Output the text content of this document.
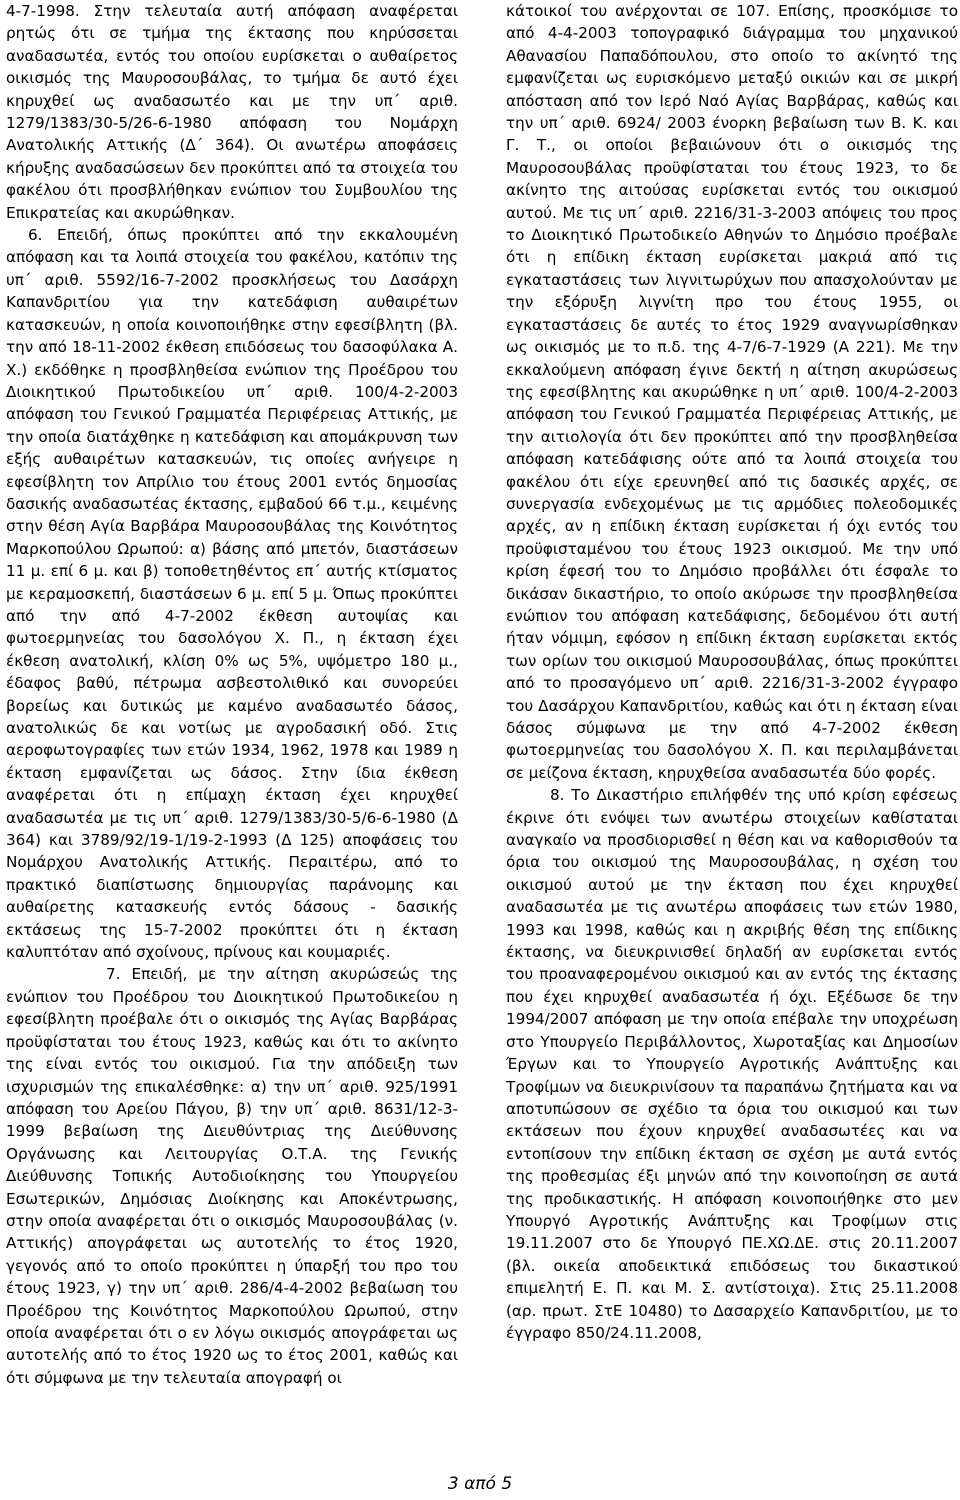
4-7-1998. Στην τελευταία αυτή απόφαση αναφέρεται ρητώς ότι σε τμήμα της έκτασης που κηρύσσεται αναδασωτέα, εντός του οποίου ευρίσκεται ο αυθαίρετος οικισμός της Μαυροσουβάλας, το τμήμα δε αυτό έχει κηρυχθεί ως αναδασωτέο και με την υπ΄ αριθ. 1279/1383/30-5/26-6-1980 απόφαση του Νομάρχη Ανατολικής Αττικής (Δ΄ 364). Οι ανωτέρω αποφάσεις κήρυξης αναδασώσεων δεν προκύπτει από τα στοιχεία του φακέλου ότι προσβλήθηκαν ενώπιον του Συμβουλίου της Επικρατείας και ακυρώθηκαν.

6. Επειδή, όπως προκύπτει από την εκκαλουμένη απόφαση και τα λοιπά στοιχεία του φακέλου, κατόπιν της υπ΄ αριθ. 5592/16-7-2002 προσκλήσεως του Δασάρχη Καπανδριτίου για την κατεδάφιση αυθαιρέτων κατασκευών, η οποία κοινοποιήθηκε στην εφεσίβλητη (βλ. την από 18-11-2002 έκθεση επιδόσεως του δασοφύλακα Α. Χ.) εκδόθηκε η προσβληθείσα ενώπιον της Προέδρου του Διοικητικού Πρωτοδικείου υπ΄ αριθ. 100/4-2-2003 απόφαση του Γενικού Γραμματέα Περιφέρειας Αττικής, με την οποία διατάχθηκε η κατεδάφιση και απομάκρυνση των εξής αυθαιρέτων κατασκευών, τις οποίες ανήγειρε η εφεσίβλητη τον Απρίλιο του έτους 2001 εντός δημοσίας δασικής αναδασωτέας έκτασης, εμβαδού 66 τ.μ., κειμένης στην θέση Αγία Βαρβάρα Μαυροσουβάλας της Κοινότητος Μαρκοπούλου Ωρωπού: α) βάσης από μπετόν, διαστάσεων 11 μ. επί 6 μ. και β) τοποθετηθέντος επ΄ αυτής κτίσματος με κεραμοσκεπή, διαστάσεων 6 μ. επί 5 μ. Όπως προκύπτει από την από 4-7-2002 έκθεση αυτοψίας και φωτοερμηνείας του δασολόγου Χ. Π., η έκταση έχει έκθεση ανατολική, κλίση 0% ως 5%, υψόμετρο 180 μ., έδαφος βαθύ, πέτρωμα ασβεστολιθικό και συνορεύει βορείως και δυτικώς με καμένο αναδασωτέο δάσος, ανατολικώς δε και νοτίως με αγροδασική οδό. Στις αεροφωτογραφίες των ετών 1934, 1962, 1978 και 1989 η έκταση εμφανίζεται ως δάσος. Στην ίδια έκθεση αναφέρεται ότι η επίμαχη έκταση έχει κηρυχθεί αναδασωτέα με τις υπ΄ αριθ. 1279/1383/30-5/6-6-1980 (Δ 364) και 3789/92/19-1/19-2-1993 (Δ 125) αποφάσεις του Νομάρχου Ανατολικής Αττικής. Περαιτέρω, από το πρακτικό διαπίστωσης δημιουργίας παράνομης και αυθαίρετης κατασκευής εντός δάσους - δασικής εκτάσεως της 15-7-2002 προκύπτει ότι η έκταση καλυπτόταν από σχοίνους, πρίνους και κουμαριές.

7. Επειδή, με την αίτηση ακυρώσεώς της ενώπιον του Προέδρου του Διοικητικού Πρωτοδικείου η εφεσίβλητη προέβαλε ότι ο οικισμός της Αγίας Βαρβάρας προϋφίσταται του έτους 1923, καθώς και ότι το ακίνητο της είναι εντός του οικισμού. Για την απόδειξη των ισχυρισμών της επικαλέσθηκε: α) την υπ΄ αριθ. 925/1991 απόφαση του Αρείου Πάγου, β) την υπ΄ αριθ. 8631/12-3-1999 βεβαίωση της Διευθύντριας της Διεύθυνσης Οργάνωσης και Λειτουργίας Ο.Τ.Α. της Γενικής Διεύθυνσης Τοπικής Αυτοδιοίκησης του Υπουργείου Εσωτερικών, Δημόσιας Διοίκησης και Αποκέντρωσης, στην οποία αναφέρεται ότι ο οικισμός Μαυροσουβάλας (ν. Αττικής) απογράφεται ως αυτοτελής το έτος 1920, γεγονός από το οποίο προκύπτει η ύπαρξή του προ του έτους 1923, γ) την υπ΄ αριθ. 286/4-4-2002 βεβαίωση του Προέδρου της Κοινότητος Μαρκοπούλου Ωρωπού, στην οποία αναφέρεται ότι ο εν λόγω οικισμός απογράφεται ως αυτοτελής από το έτος 1920 ως το έτος 2001, καθώς και ότι σύμφωνα με την τελευταία απογραφή οι

κάτοικοί του ανέρχονται σε 107. Επίσης, προσκόμισε το από 4-4-2003 τοπογραφικό διάγραμμα του μηχανικού Αθανασίου Παπαδόπουλου, στο οποίο το ακίνητό της εμφανίζεται ως ευρισκόμενο μεταξύ οικιών και σε μικρή απόσταση από τον Ιερό Ναό Αγίας Βαρβάρας, καθώς και την υπ΄ αριθ. 6924/ 2003 ένορκη βεβαίωση των Β. Κ. και Γ. Τ., οι οποίοι βεβαιώνουν ότι ο οικισμός της Μαυροσουβάλας προϋφίσταται του έτους 1923, το δε ακίνητο της αιτούσας ευρίσκεται εντός του οικισμού αυτού. Με τις υπ΄ αριθ. 2216/31-3-2003 απόψεις του προς το Διοικητικό Πρωτοδικείο Αθηνών το Δημόσιο προέβαλε ότι η επίδικη έκταση ευρίσκεται μακριά από τις εγκαταστάσεις των λιγνιτωρύχων που απασχολούνταν με την εξόρυξη λιγνίτη προ του έτους 1955, οι εγκαταστάσεις δε αυτές το έτος 1929 αναγνωρίσθηκαν ως οικισμός με το π.δ. της 4-7/6-7-1929 (Α 221). Με την εκκαλούμενη απόφαση έγινε δεκτή η αίτηση ακυρώσεως της εφεσίβλητης και ακυρώθηκε η υπ΄ αριθ. 100/4-2-2003 απόφαση του Γενικού Γραμματέα Περιφέρειας Αττικής, με την αιτιολογία ότι δεν προκύπτει από την προσβληθείσα απόφαση κατεδάφισης ούτε από τα λοιπά στοιχεία του φακέλου ότι είχε ερευνηθεί από τις δασικές αρχές, σε συνεργασία ενδεχομένως με τις αρμόδιες πολεοδομικές αρχές, αν η επίδικη έκταση ευρίσκεται ή όχι εντός του προϋφισταμένου του έτους 1923 οικισμού. Με την υπό κρίση έφεσή του το Δημόσιο προβάλλει ότι έσφαλε το δικάσαν δικαστήριο, το οποίο ακύρωσε την προσβληθείσα ενώπιον του απόφαση κατεδάφισης, δεδομένου ότι αυτή ήταν νόμιμη, εφόσον η επίδικη έκταση ευρίσκεται εκτός των ορίων του οικισμού Μαυροσουβάλας, όπως προκύπτει από το προσαγόμενο υπ΄ αριθ. 2216/31-3-2002 έγγραφο του Δασάρχου Καπανδριτίου, καθώς και ότι η έκταση είναι δάσος σύμφωνα με την από 4-7-2002 έκθεση φωτοερμηνείας του δασολόγου Χ. Π. και περιλαμβάνεται σε μείζονα έκταση, κηρυχθείσα αναδασωτέα δύο φορές.

8. Το Δικαστήριο επιλήφθέν της υπό κρίση εφέσεως έκρινε ότι ενόψει των ανωτέρω στοιχείων καθίσταται αναγκαίο να προσδιορισθεί η θέση και να καθορισθούν τα όρια του οικισμού της Μαυροσουβάλας, η σχέση του οικισμού αυτού με την έκταση που έχει κηρυχθεί αναδασωτέα με τις ανωτέρω αποφάσεις των ετών 1980, 1993 και 1998, καθώς και η ακριβής θέση της επίδικης έκτασης, να διευκρινισθεί δηλαδή αν ευρίσκεται εντός του προαναφερομένου οικισμού και αν εντός της έκτασης που έχει κηρυχθεί αναδασωτέα ή όχι. Εξέδωσε δε την 1994/2007 απόφαση με την οποία επέβαλε την υποχρέωση στο Υπουργείο Περιβάλλοντος, Χωροταξίας και Δημοσίων Έργων και το Υπουργείο Αγροτικής Ανάπτυξης και Τροφίμων να διευκρινίσουν τα παραπάνω ζητήματα και να αποτυπώσουν σε σχέδιο τα όρια του οικισμού και των εκτάσεων που έχουν κηρυχθεί αναδασωτέες και να εντοπίσουν την επίδικη έκταση σε σχέση με αυτά εντός της προθεσμίας έξι μηνών από την κοινοποίηση σε αυτά της προδικαστικής. Η απόφαση κοινοποιήθηκε στο μεν Υπουργό Αγροτικής Ανάπτυξης και Τροφίμων στις 19.11.2007 στο δε Υπουργό ΠΕ.ΧΩ.ΔΕ. στις 20.11.2007 (βλ. οικεία αποδεικτικά επιδόσεως του δικαστικού επιμελητή Ε. Π. και Μ. Σ. αντίστοιχα). Στις 25.11.2008 (αρ. πρωτ. ΣτΕ 10480) το Δασαρχείο Καπανδριτίου, με το έγγραφο 850/24.11.2008,

3 από 5
